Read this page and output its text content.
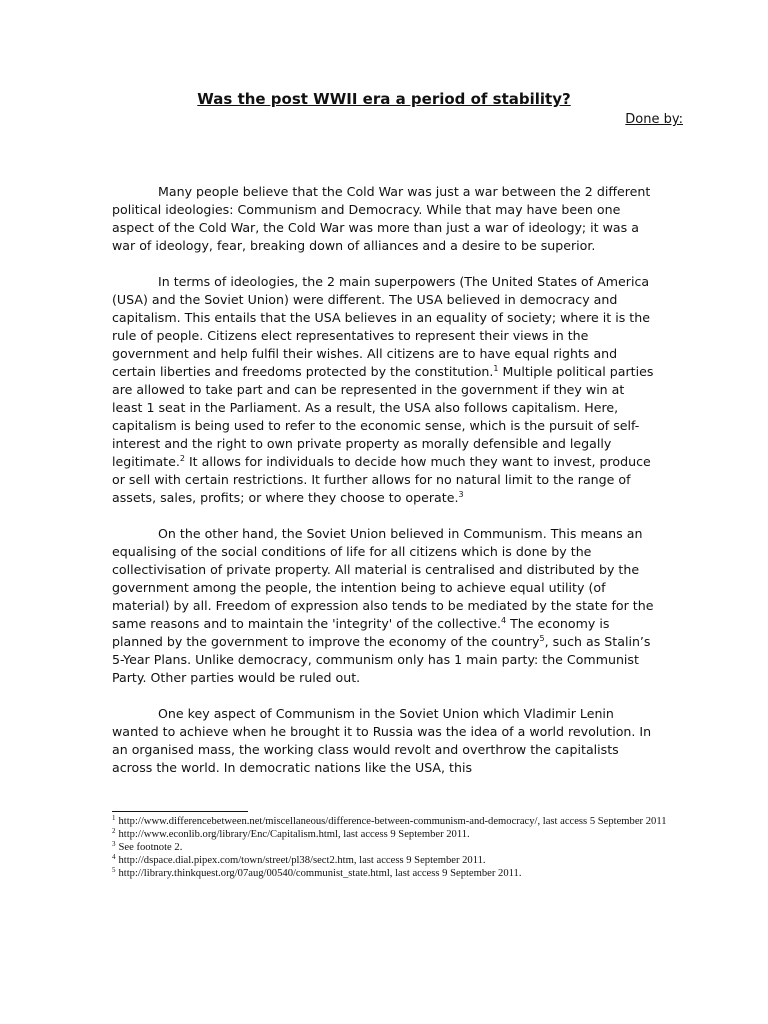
Was the post WWII era a period of stability?
Done by:

Many people believe that the Cold War was just a war between the 2 different political ideologies: Communism and Democracy. While that may have been one aspect of the Cold War, the Cold War was more than just a war of ideology; it was a war of ideology, fear, breaking down of alliances and a desire to be superior.

In terms of ideologies, the 2 main superpowers (The United States of America (USA) and the Soviet Union) were different. The USA believed in democracy and capitalism. This entails that the USA believes in an equality of society; where it is the rule of people. Citizens elect representatives to represent their views in the government and help fulfil their wishes. All citizens are to have equal rights and certain liberties and freedoms protected by the constitution.$^1$ Multiple political parties are allowed to take part and can be represented in the government if they win at least 1 seat in the Parliament. As a result, the USA also follows capitalism. Here, capitalism is being used to refer to the economic sense, which is the pursuit of self-interest and the right to own private property as morally defensible and legally legitimate.$^2$ It allows for individuals to decide how much they want to invest, produce or sell with certain restrictions. It further allows for no natural limit to the range of assets, sales, profits; or where they choose to operate.$^3$

On the other hand, the Soviet Union believed in Communism. This means an equalising of the social conditions of life for all citizens which is done by the collectivisation of private property. All material is centralised and distributed by the government among the people, the intention being to achieve equal utility (of material) by all. Freedom of expression also tends to be mediated by the state for the same reasons and to maintain the 'integrity' of the collective.$^4$ The economy is planned by the government to improve the economy of the country$^5$, such as Stalin’s 5-Year Plans. Unlike democracy, communism only has 1 main party: the Communist Party. Other parties would be ruled out.

One key aspect of Communism in the Soviet Union which Vladimir Lenin wanted to achieve when he brought it to Russia was the idea of a world revolution. In an organised mass, the working class would revolt and overthrow the capitalists across the world. In democratic nations like the USA, this

$^1$ http://www.differencebetween.net/miscellaneous/difference-between-communism-and-democracy/, last access 5 September 2011

$^2$ http://www.econlib.org/library/Enc/Capitalism.html, last access 9 September 2011.

$^3$ See footnote 2.

$^4$ http://dspace.dial.pipex.com/town/street/pl38/sect2.htm, last access 9 September 2011.

$^5$ http://library.thinkquest.org/07aug/00540/communist_state.html, last access 9 September 2011.
